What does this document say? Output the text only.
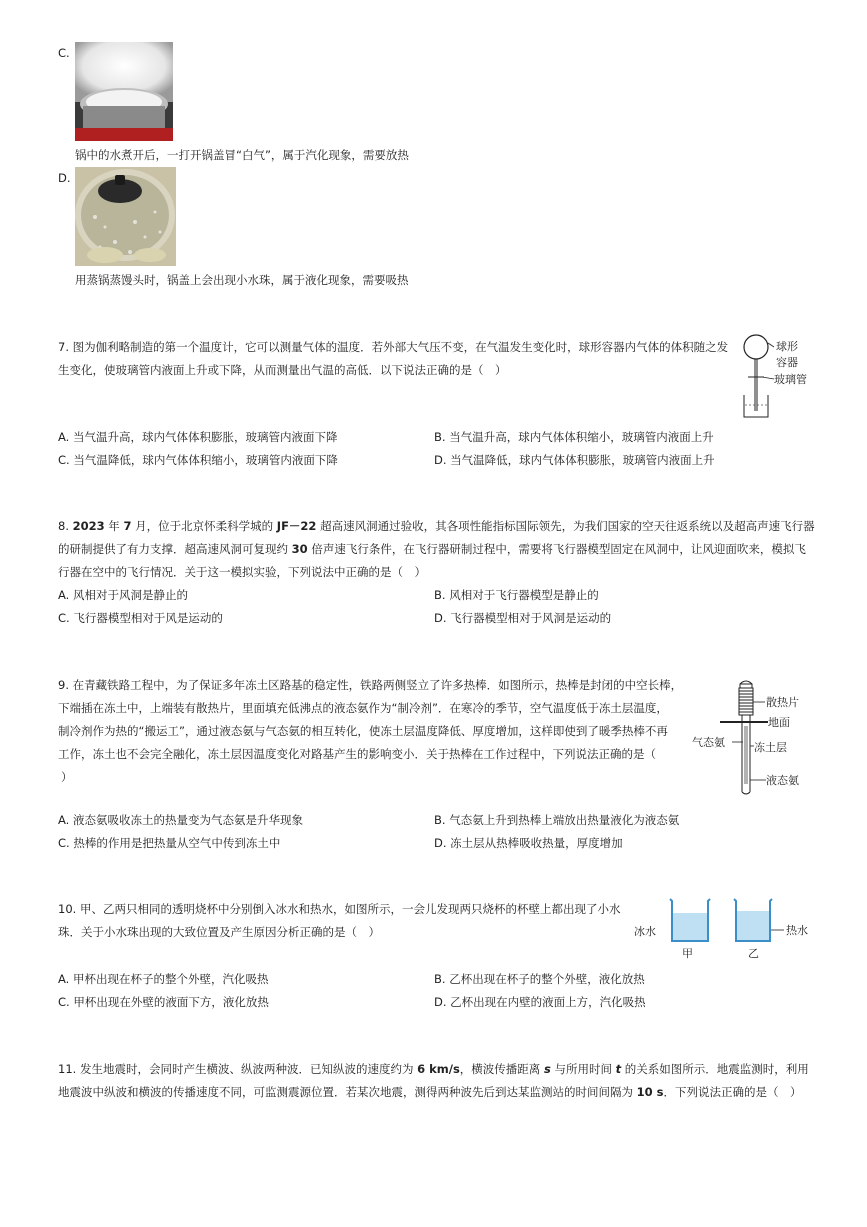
C.
锅中的水煮开后，一打开锅盖冒“白气”，属于汽化现象，需要放热
D.
用蒸锅蒸馒头时，锅盖上会出现小水珠，属于液化现象，需要吸热
7. 图为伽利略制造的第一个温度计，它可以测量气体的温度．若外部大气压不变，在气温发生变化时，球形容器内气体的体积随之发
生变化，使玻璃管内液面上升或下降，从而测量出气温的高低．以下说法正确的是（　）
球形
容器
玻璃管
A. 当气温升高，球内气体体积膨胀，玻璃管内液面下降	B. 当气温升高，球内气体体积缩小，玻璃管内液面上升
C. 当气温降低，球内气体体积缩小，玻璃管内液面下降	D. 当气温降低，球内气体体积膨胀，玻璃管内液面上升
8. 2023 年 7 月，位于北京怀柔科学城的 JF－22 超高速风洞通过验收，其各项性能指标国际领先，为我们国家的空天往返系统以及超高声速飞行器
的研制提供了有力支撑．超高速风洞可复现约 30 倍声速飞行条件，在飞行器研制过程中，需要将飞行器模型固定在风洞中，让风迎面吹来，模拟飞
行器在空中的飞行情况．关于这一模拟实验，下列说法中正确的是（　）
A. 风相对于风洞是静止的	B. 风相对于飞行器模型是静止的
C. 飞行器模型相对于风是运动的	D. 飞行器模型相对于风洞是运动的
9. 在青藏铁路工程中，为了保证多年冻土区路基的稳定性，铁路两侧竖立了许多热棒．如图所示，热棒是封闭的中空长棒，
下端插在冻土中，上端装有散热片，里面填充低沸点的液态氨作为“制冷剂”．在寒冷的季节，空气温度低于冻土层温度，
制冷剂作为热的“搬运工”，通过液态氨与气态氨的相互转化，使冻土层温度降低、厚度增加，这样即使到了暖季热棒不再
工作，冻土也不会完全融化，冻土层因温度变化对路基产生的影响变小．关于热棒在工作过程中，下列说法正确的是（
）
散热片
地面
气态氨	冻土层
液态氨
A. 液态氨吸收冻土的热量变为气态氨是升华现象	B. 气态氨上升到热棒上端放出热量液化为液态氨
C. 热棒的作用是把热量从空气中传到冻土中	D. 冻土层从热棒吸收热量，厚度增加
10. 甲、乙两只相同的透明烧杯中分别倒入冰水和热水，如图所示，一会儿发现两只烧杯的杯壁上都出现了小水
珠．关于小水珠出现的大致位置及产生原因分析正确的是（　）	冰水	热水
甲	乙
A. 甲杯出现在杯子的整个外壁，汽化吸热	B. 乙杯出现在杯子的整个外壁，液化放热
C. 甲杯出现在外壁的液面下方，液化放热	D. 乙杯出现在内壁的液面上方，汽化吸热
11. 发生地震时，会同时产生横波、纵波两种波．已知纵波的速度约为 6 km/s，横波传播距离 s 与所用时间 t 的关系如图所示．地震监测时，利用
地震波中纵波和横波的传播速度不同，可监测震源位置．若某次地震，测得两种波先后到达某监测站的时间间隔为 10 s．下列说法正确的是（　）
